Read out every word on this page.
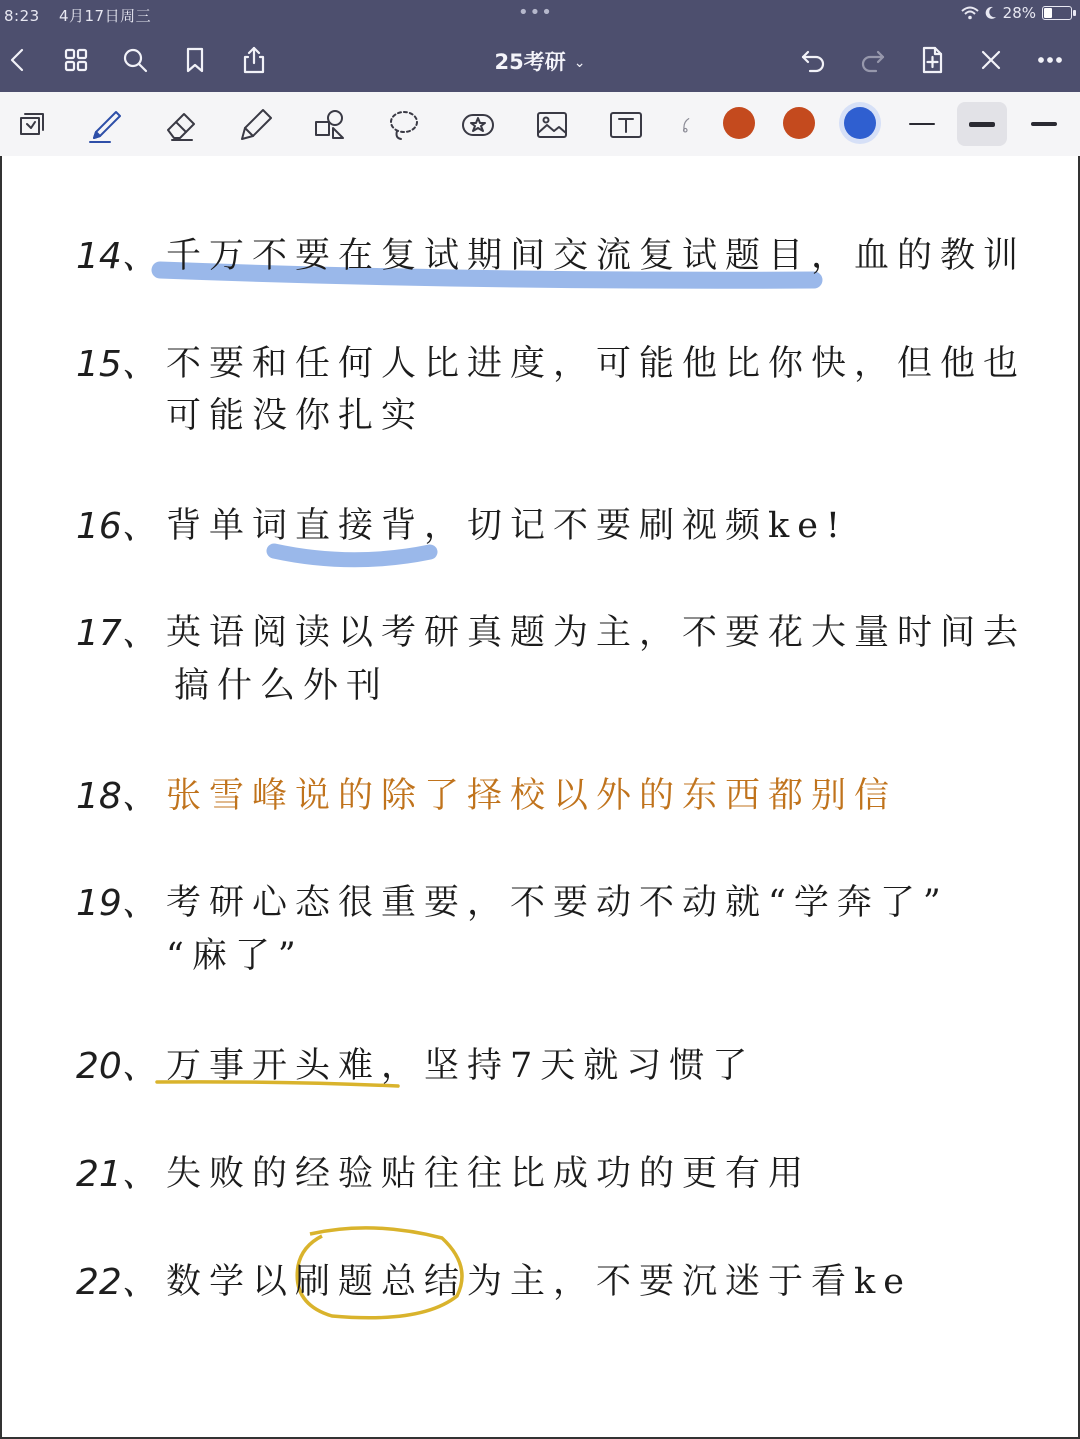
8:23 4月17日周三	•••	28%
25考研 ⌄
14、 千万不要在复试期间交流复试题目，血的教训
15、 不要和任何人比进度，可能他比你快，但他也
可能没你扎实
16、 背单词直接背，切记不要刷视频ke!
17、 英语阅读以考研真题为主，不要花大量时间去
搞什么外刊
18、 张雪峰说的除了择校以外的东西都别信
19、 考研心态很重要，不要动不动就“学奔了”
“麻了”
20、 万事开头难，坚持7天就习惯了
21、 失败的经验贴往往比成功的更有用
22、 数学以刷题总结为主，不要沉迷于看ke
